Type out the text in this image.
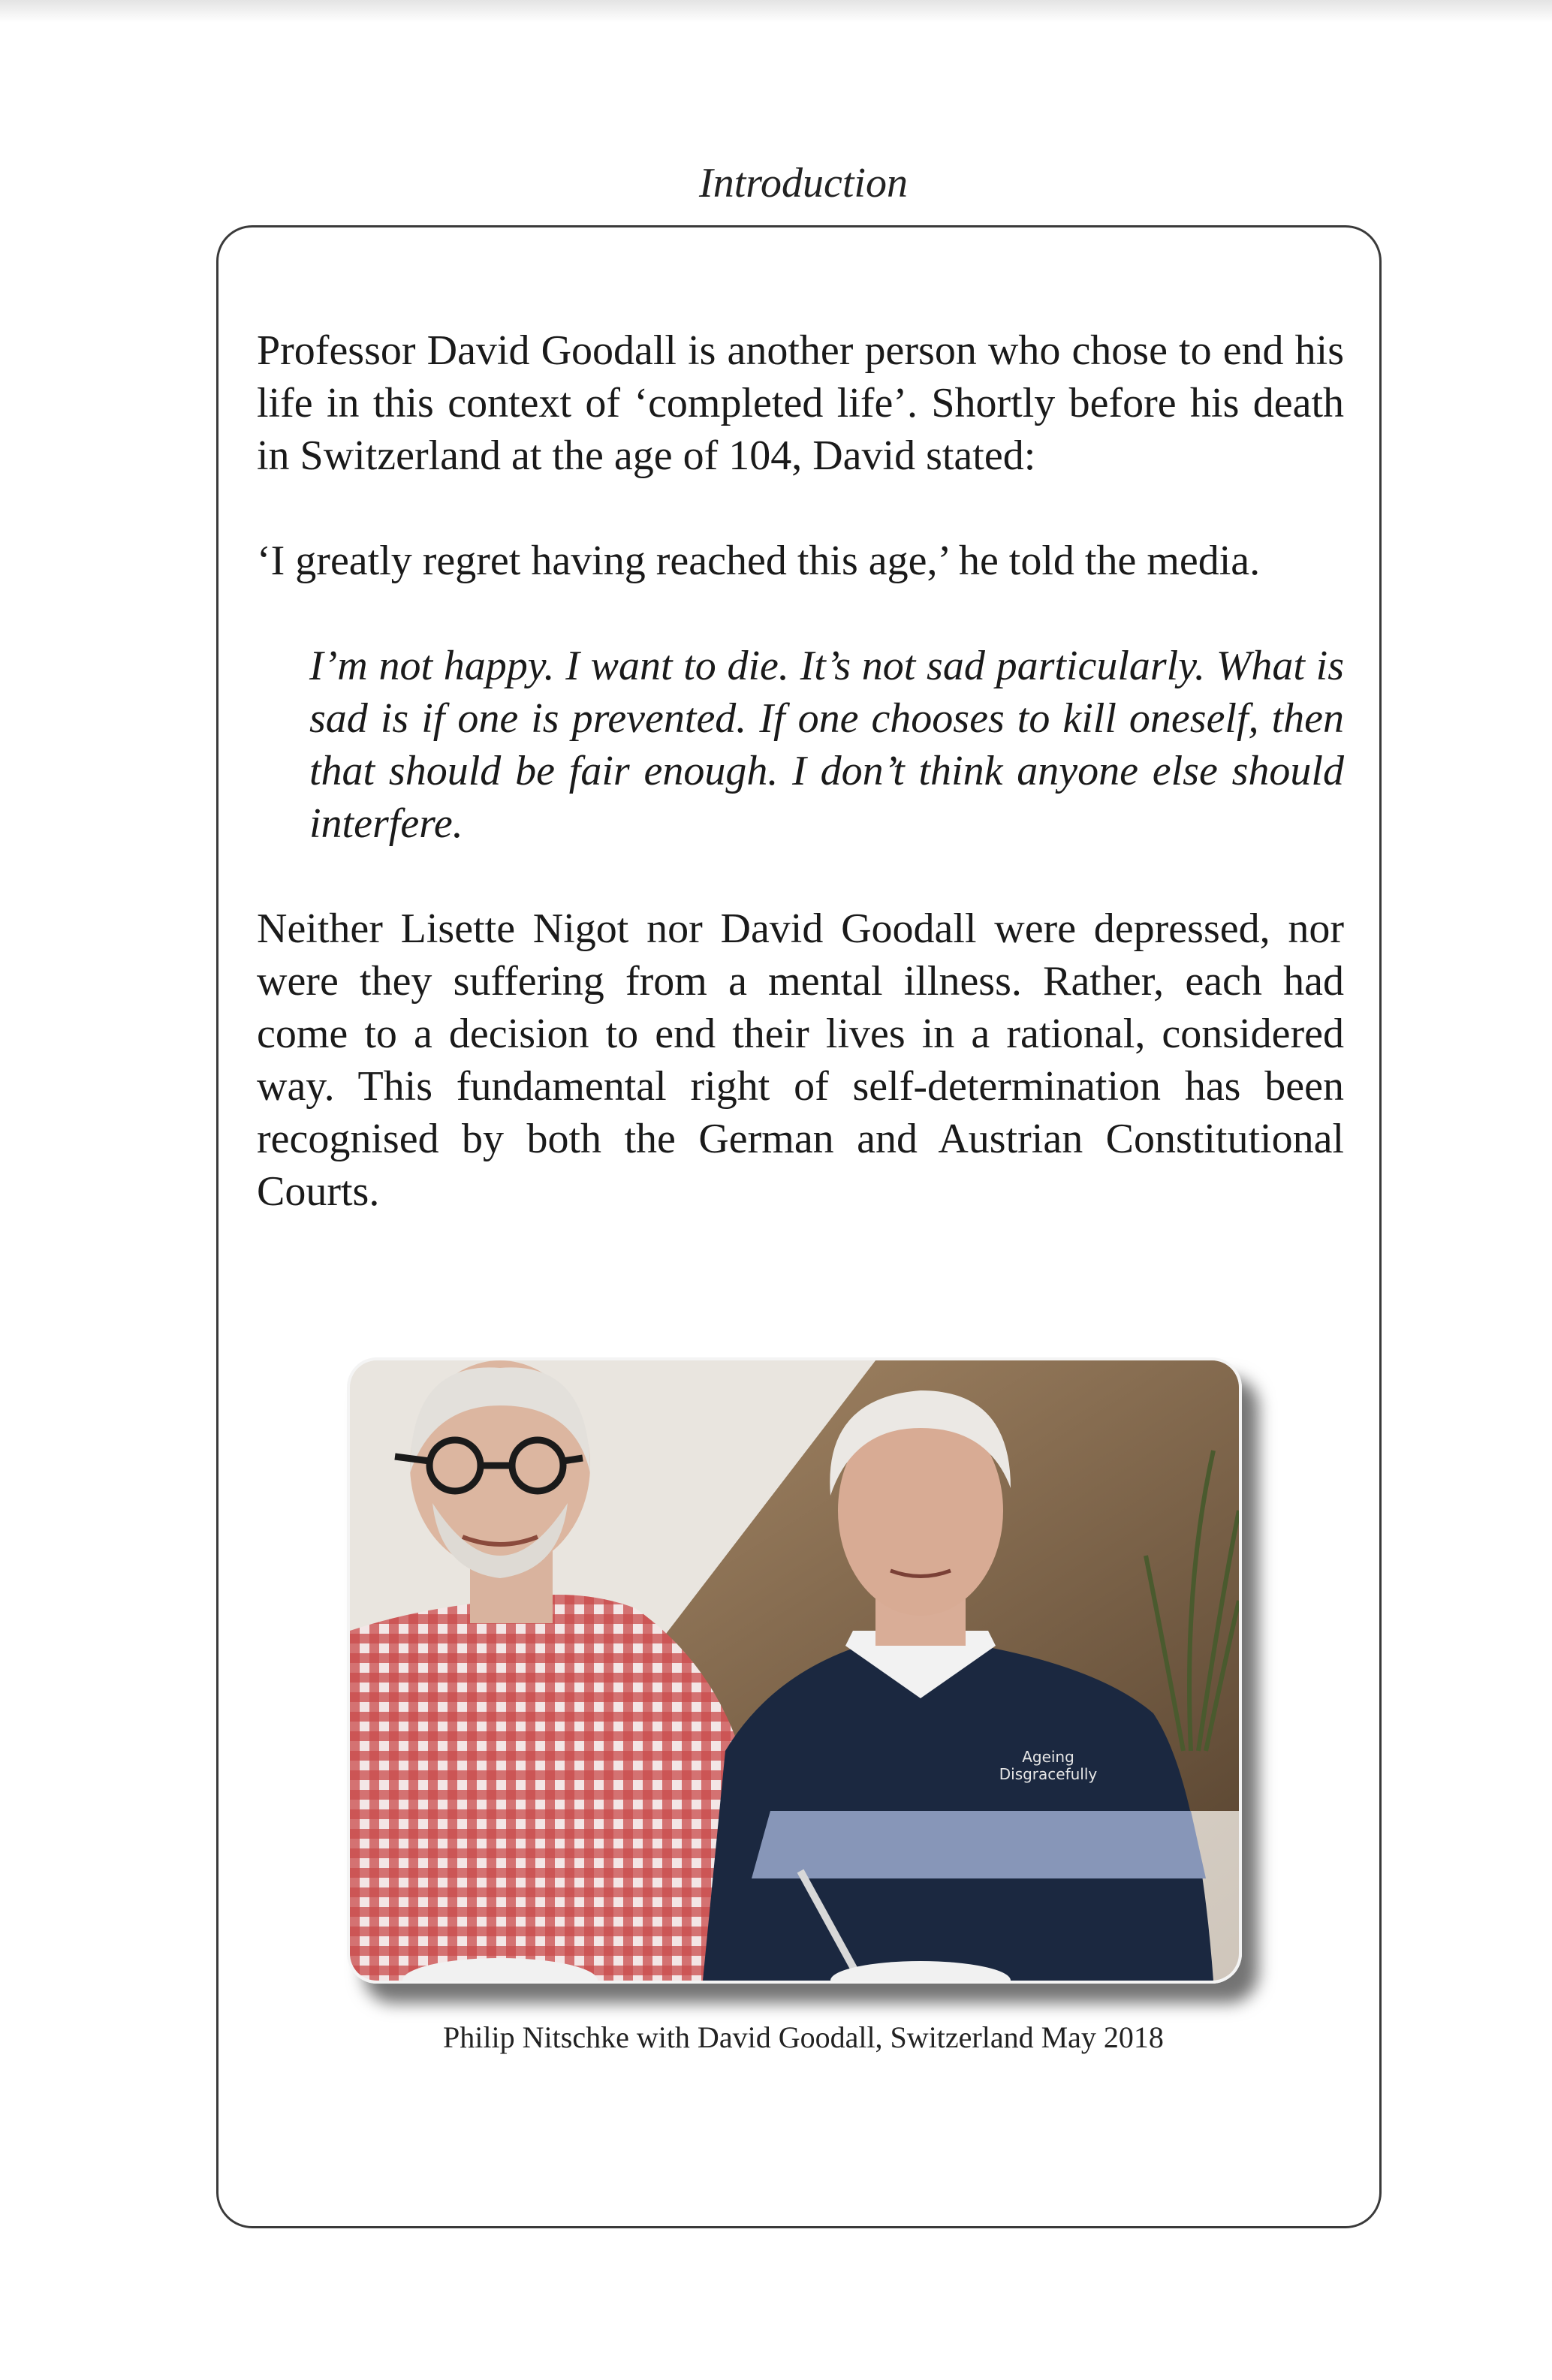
Introduction

Professor David Goodall is another person who chose to end his life in this context of ‘completed life’. Shortly before his death in Switzerland at the age of 104, David stated:

‘I greatly regret having reached this age,’ he told the media.

I’m not happy. I want to die. It’s not sad particularly. What is sad is if one is prevented. If one chooses to kill oneself, then that should be fair enough. I don’t think anyone else should interfere.

Neither Lisette Nigot nor David Goodall were depressed, nor were they suffering from a mental illness. Rather, each had come to a decision to end their lives in a rational, considered way. This fundamental right of self-determination has been recognised by both the German and Austrian Constitutional Courts.

Ageing
Disgracefully
Philip Nitschke with David Goodall, Switzerland May 2018
